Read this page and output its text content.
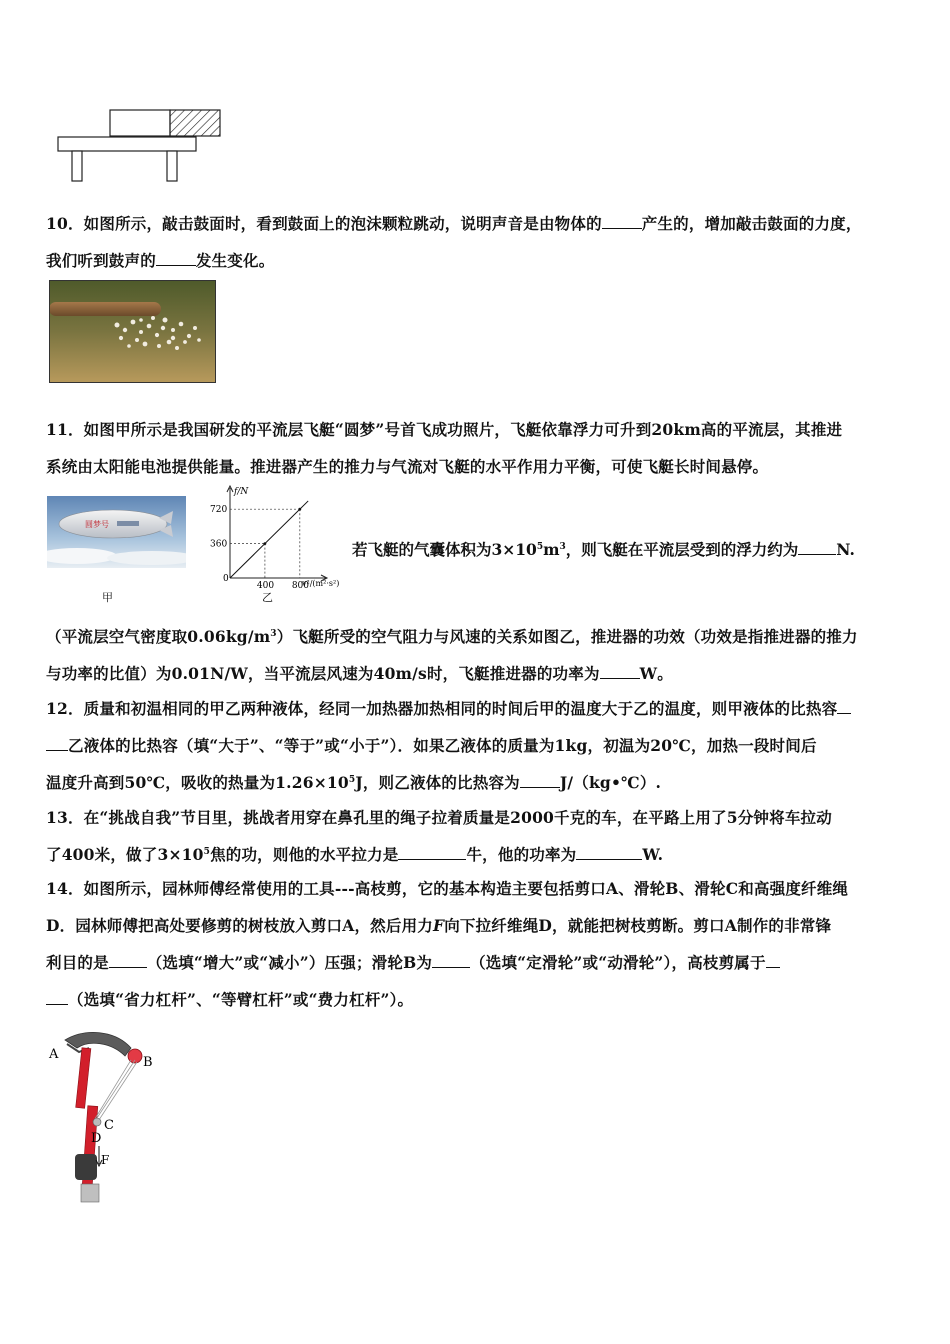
10．如图所示，敲击鼓面时，看到鼓面上的泡沫颗粒跳动，说明声音是由物体的	产生的，增加敲击鼓面的力度，
我们听到鼓声的	发生变化。
11．如图甲所示是我国研发的平流层飞艇“圆梦”号首飞成功照片，飞艇依靠浮力可升到20km高的平流层，其推进
系统由太阳能电池提供能量。推进器产生的推力与气流对飞艇的水平作用力平衡，可使飞艇长时间悬停。
圆梦号
甲
400 800
360
720
f/N
v²/(m²·s²)
0
乙
若飞艇的气囊体积为$3\times 10^5m^3$，则飞艇在平流层受到的浮力约为 N.
（平流层空气密度取$0.06kg/m^3$）飞艇所受的空气阻力与风速的关系如图乙，推进器的功效（功效是指推进器的推力
与功率的比值）为0.01N/W，当平流层风速为40m/s时，飞艇推进器的功率为	W。
12．质量和初温相同的甲乙两种液体，经同一加热器加热相同的时间后甲的温度大于乙的温度，则甲液体的比热容
乙液体的比热容（填“大于”、“等于”或“小于”）．如果乙液体的质量为1kg，初温为20℃，加热一段时间后
温度升高到50℃，吸收的热量为$1.26\times 10^5J$，则乙液体的比热容为	J/（kg•℃）.
13．在“挑战自我”节目里，挑战者用穿在鼻孔里的绳子拉着质量是2000千克的车，在平路上用了5分钟将车拉动
了400米，做了$3\times 10^5$焦的功，则他的水平拉力是	牛，他的功率为	W.
14．如图所示，园林师傅经常使用的工具---高枝剪，它的基本构造主要包括剪口A、滑轮B、滑轮C和高强度纤维绳
D．园林师傅把高处要修剪的树枝放入剪口A，然后用力F向下拉纤维绳D，就能把树枝剪断。剪口A制作的非常锋
利目的是 （选填“增大”或“减小”）压强；滑轮B为 （选填“定滑轮”或“动滑轮”），高枝剪属于
（选填“省力杠杆”、“等臂杠杆”或“费力杠杆”）。
A
B
C
D
F
